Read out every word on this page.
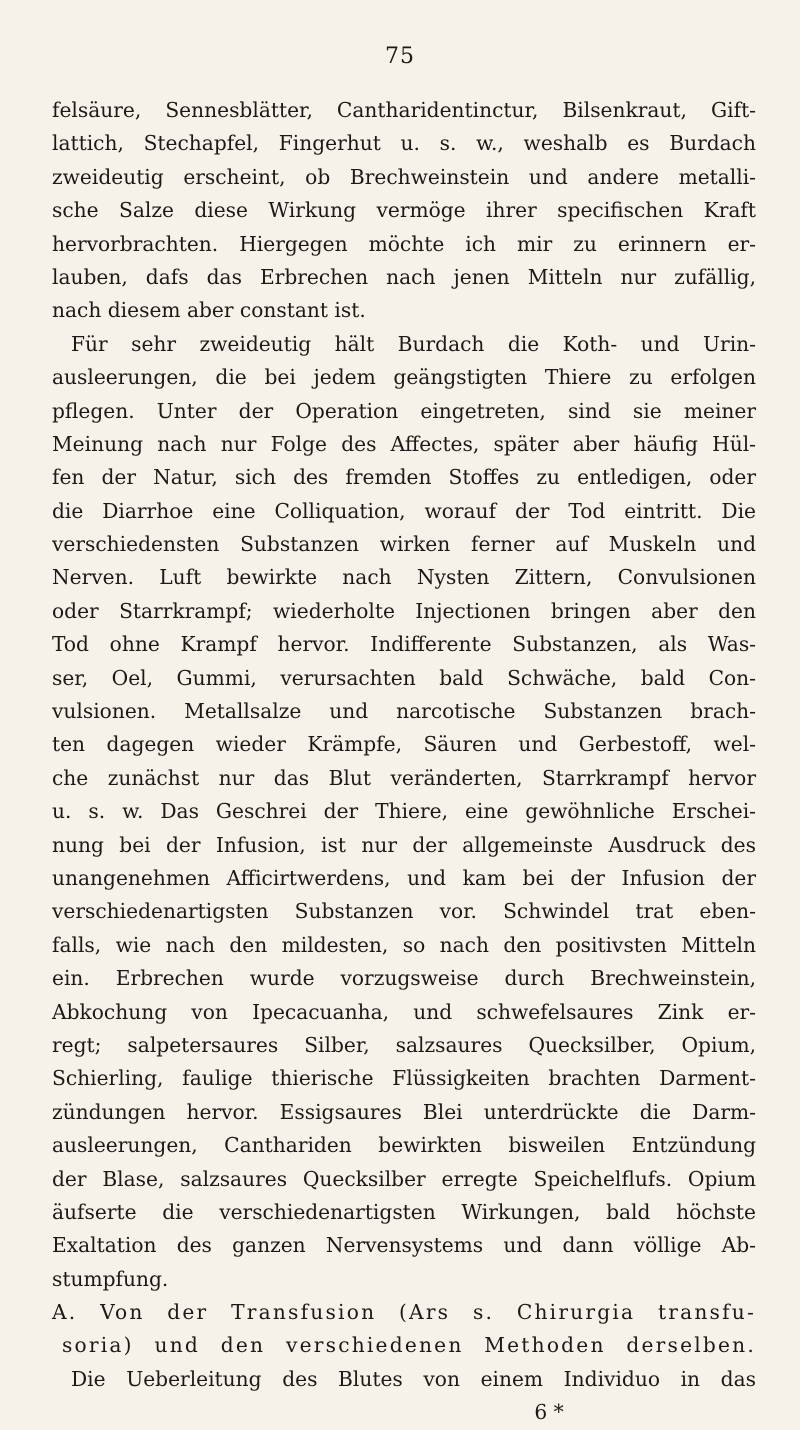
75
felsäure, Sennesblätter, Cantharidentinctur, Bilsenkraut, Gift-
lattich, Stechapfel, Fingerhut u. s. w., weshalb es Burdach
zweideutig erscheint, ob Brechweinstein und andere metalli-
sche Salze diese Wirkung vermöge ihrer specifischen Kraft
hervorbrachten. Hiergegen möchte ich mir zu erinnern er-
lauben, dafs das Erbrechen nach jenen Mitteln nur zufällig,
nach diesem aber constant ist.
Für sehr zweideutig hält Burdach die Koth- und Urin-
ausleerungen, die bei jedem geängstigten Thiere zu erfolgen
pflegen. Unter der Operation eingetreten, sind sie meiner
Meinung nach nur Folge des Affectes, später aber häufig Hül-
fen der Natur, sich des fremden Stoffes zu entledigen, oder
die Diarrhoe eine Colliquation, worauf der Tod eintritt. Die
verschiedensten Substanzen wirken ferner auf Muskeln und
Nerven. Luft bewirkte nach Nysten Zittern, Convulsionen
oder Starrkrampf; wiederholte Injectionen bringen aber den
Tod ohne Krampf hervor. Indifferente Substanzen, als Was-
ser, Oel, Gummi, verursachten bald Schwäche, bald Con-
vulsionen. Metallsalze und narcotische Substanzen brach-
ten dagegen wieder Krämpfe, Säuren und Gerbestoff, wel-
che zunächst nur das Blut veränderten, Starrkrampf hervor
u. s. w. Das Geschrei der Thiere, eine gewöhnliche Erschei-
nung bei der Infusion, ist nur der allgemeinste Ausdruck des
unangenehmen Afficirtwerdens, und kam bei der Infusion der
verschiedenartigsten Substanzen vor. Schwindel trat eben-
falls, wie nach den mildesten, so nach den positivsten Mitteln
ein. Erbrechen wurde vorzugsweise durch Brechweinstein,
Abkochung von Ipecacuanha, und schwefelsaures Zink er-
regt; salpetersaures Silber, salzsaures Quecksilber, Opium,
Schierling, faulige thierische Flüssigkeiten brachten Darment-
zündungen hervor. Essigsaures Blei unterdrückte die Darm-
ausleerungen, Canthariden bewirkten bisweilen Entzündung
der Blase, salzsaures Quecksilber erregte Speichelflufs. Opium
äufserte die verschiedenartigsten Wirkungen, bald höchste
Exaltation des ganzen Nervensystems und dann völlige Ab-
stumpfung.
A. Von der Transfusion (Ars s. Chirurgia transfu-
soria) und den verschiedenen Methoden derselben.
Die Ueberleitung des Blutes von einem Individuo in das
6 *
